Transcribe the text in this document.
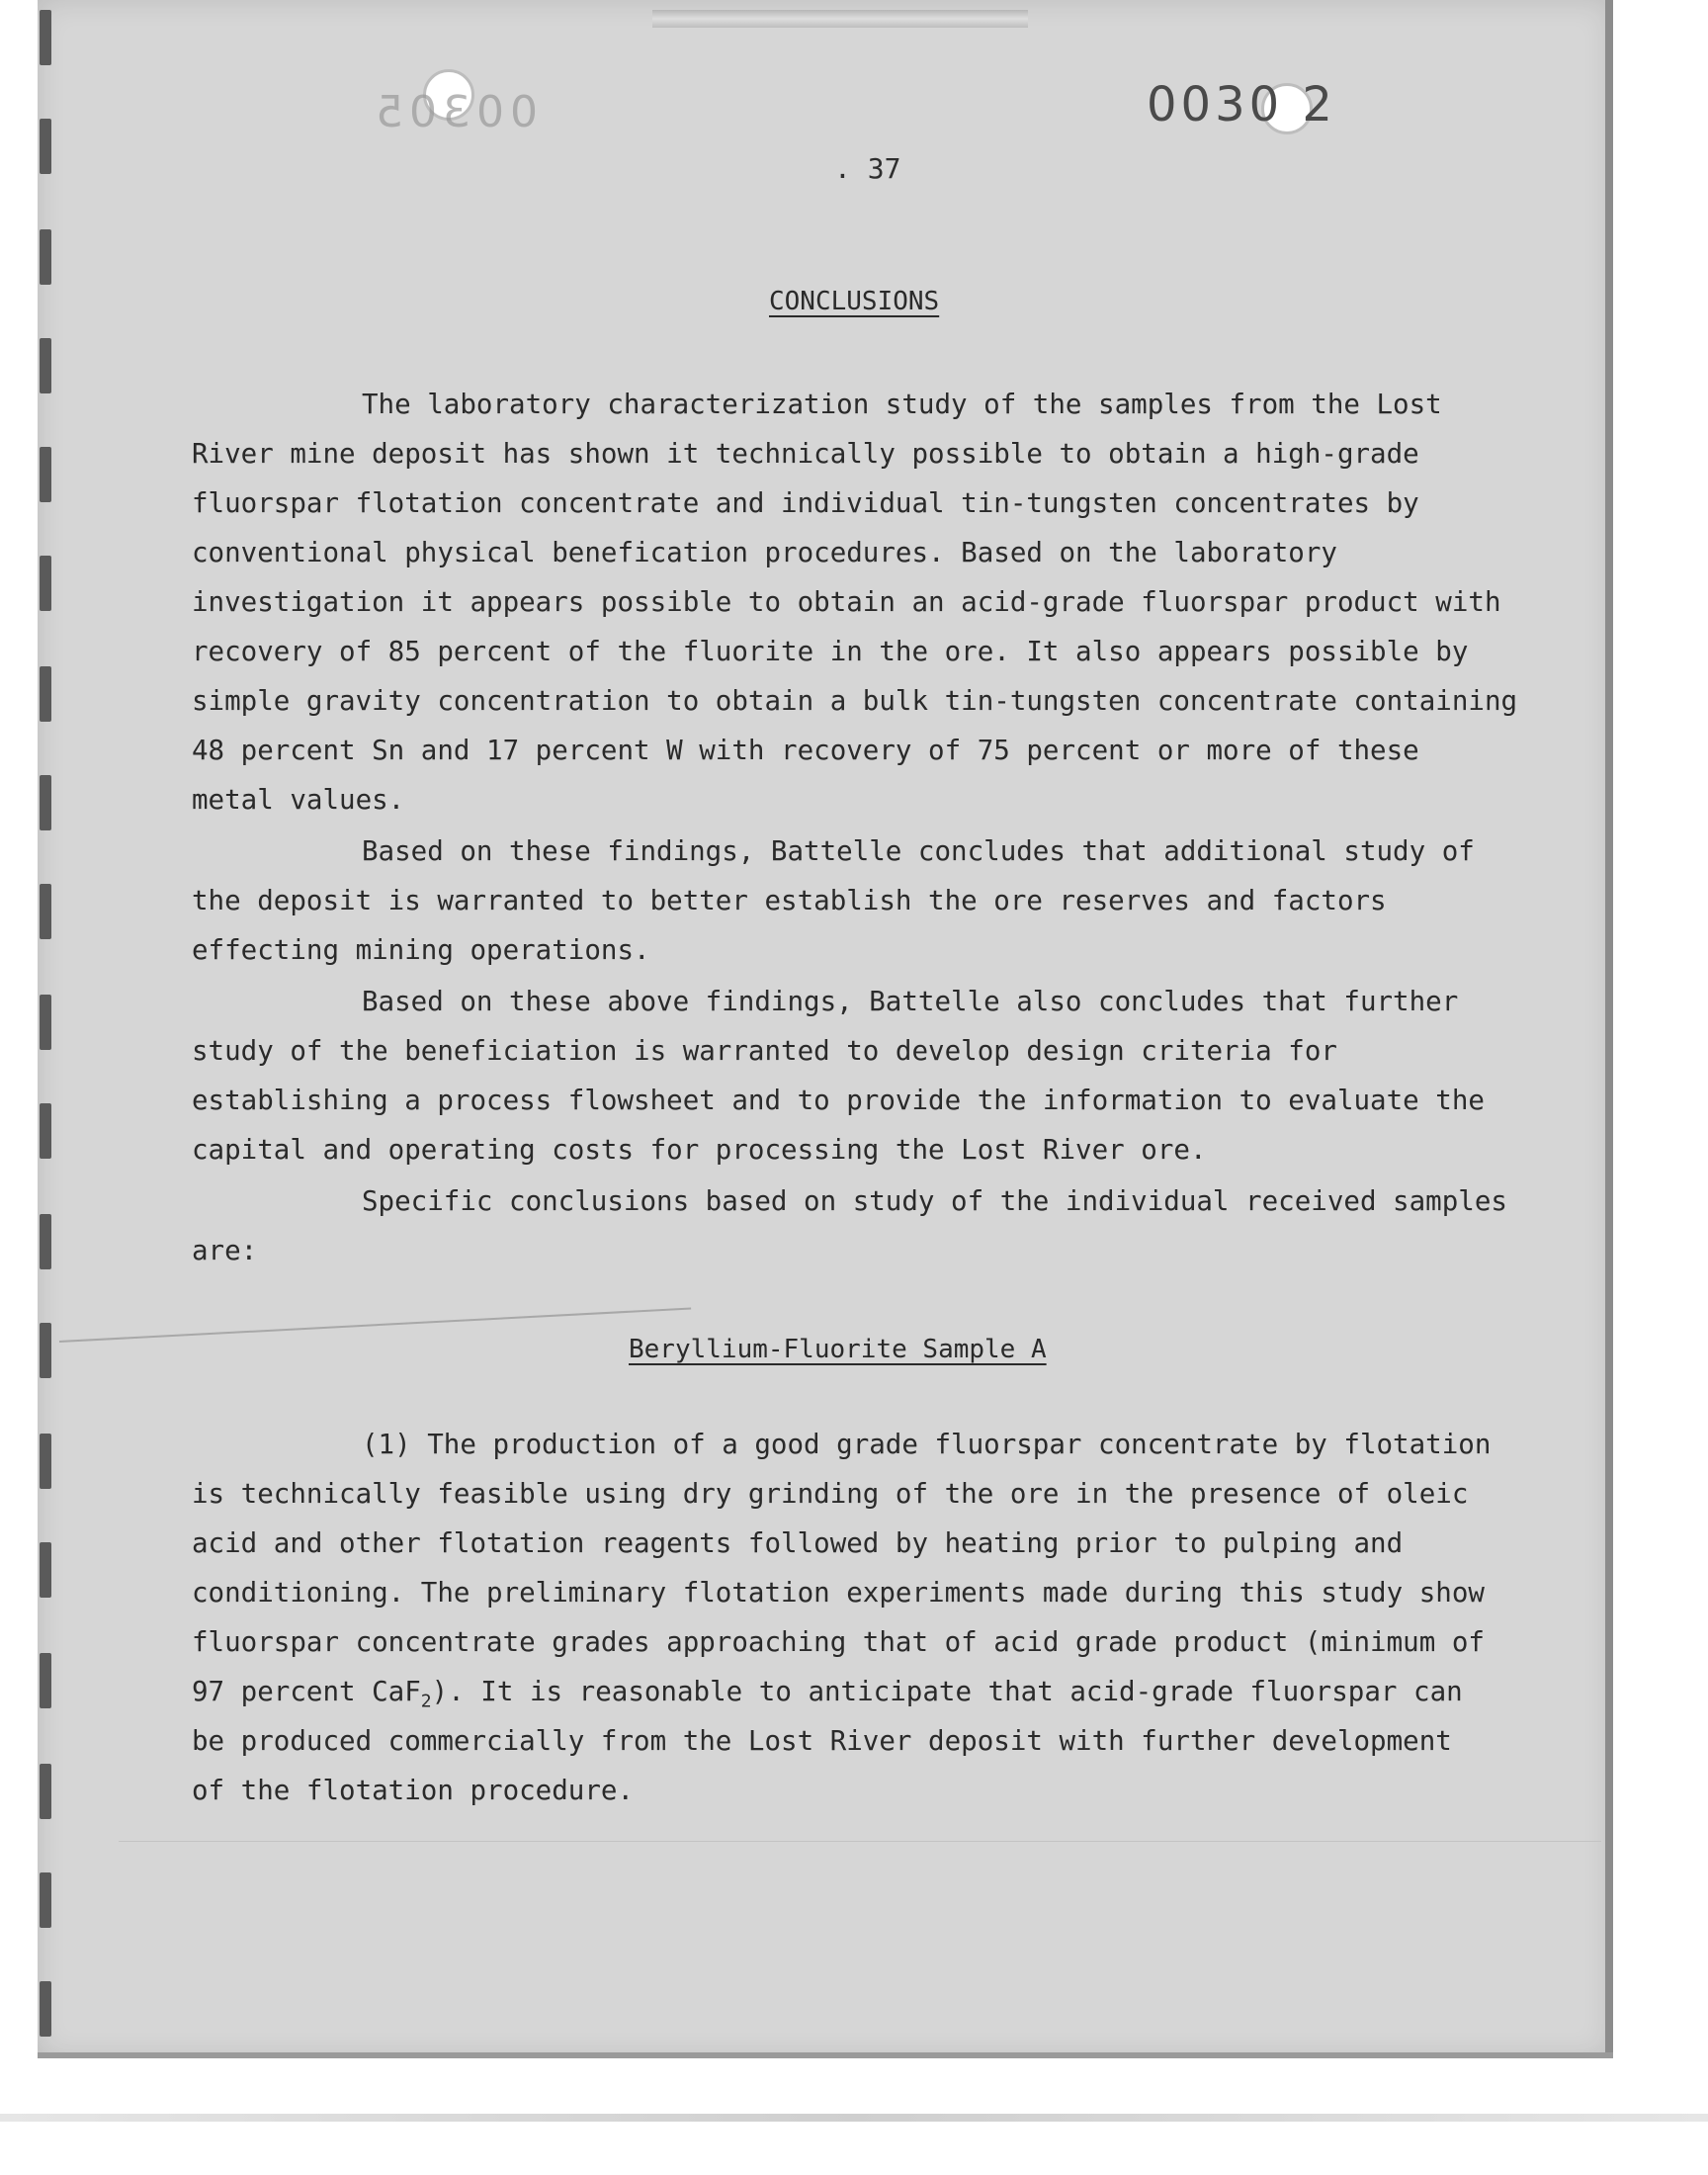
00305	0030 2
. 37
CONCLUSIONS
The laboratory characterization study of the samples from the Lost
River mine deposit has shown it technically possible to obtain a high-grade
fluorspar flotation concentrate and individual tin-tungsten concentrates by
conventional physical benefication procedures. Based on the laboratory
investigation it appears possible to obtain an acid-grade fluorspar product with
recovery of 85 percent of the fluorite in the ore. It also appears possible by
simple gravity concentration to obtain a bulk tin-tungsten concentrate containing
48 percent Sn and 17 percent W with recovery of 75 percent or more of these
metal values.
Based on these findings, Battelle concludes that additional study of
the deposit is warranted to better establish the ore reserves and factors
effecting mining operations.
Based on these above findings, Battelle also concludes that further
study of the beneficiation is warranted to develop design criteria for
establishing a process flowsheet and to provide the information to evaluate the
capital and operating costs for processing the Lost River ore.
Specific conclusions based on study of the individual received samples
are:
Beryllium-Fluorite Sample A
(1) The production of a good grade fluorspar concentrate by flotation
is technically feasible using dry grinding of the ore in the presence of oleic
acid and other flotation reagents followed by heating prior to pulping and
conditioning. The preliminary flotation experiments made during this study show
fluorspar concentrate grades approaching that of acid grade product (minimum of
97 percent CaF$_2$). It is reasonable to anticipate that acid-grade fluorspar can
be produced commercially from the Lost River deposit with further development
of the flotation procedure.
